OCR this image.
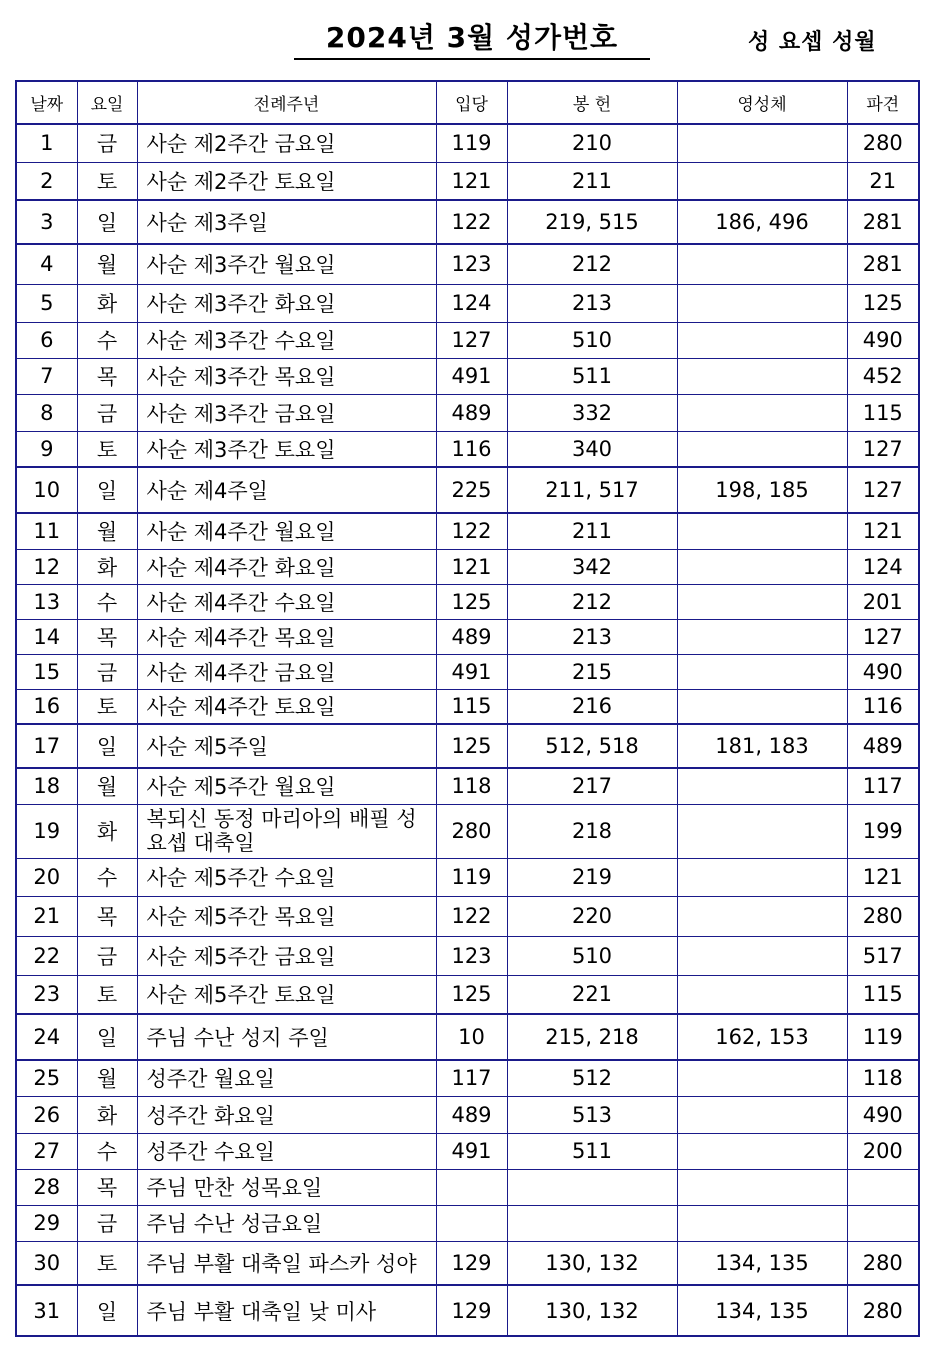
2024년 3월 성가번호	성 요셉 성월
날짜	요일	전례주년	입당	봉 헌	영성체	파견
1	금	사순 제2주간 금요일	119	210		280
2	토	사순 제2주간 토요일	121	211		21
3	일	사순 제3주일	122	219, 515	186, 496	281
4	월	사순 제3주간 월요일	123	212		281
5	화	사순 제3주간 화요일	124	213		125
6	수	사순 제3주간 수요일	127	510		490
7	목	사순 제3주간 목요일	491	511		452
8	금	사순 제3주간 금요일	489	332		115
9	토	사순 제3주간 토요일	116	340		127
10	일	사순 제4주일	225	211, 517	198, 185	127
11	월	사순 제4주간 월요일	122	211		121
12	화	사순 제4주간 화요일	121	342		124
13	수	사순 제4주간 수요일	125	212		201
14	목	사순 제4주간 목요일	489	213		127
15	금	사순 제4주간 금요일	491	215		490
16	토	사순 제4주간 토요일	115	216		116
17	일	사순 제5주일	125	512, 518	181, 183	489
18	월	사순 제5주간 월요일	118	217		117
19	화	복되신 동정 마리아의 배필 성 요셉 대축일	280	218		199
20	수	사순 제5주간 수요일	119	219		121
21	목	사순 제5주간 목요일	122	220		280
22	금	사순 제5주간 금요일	123	510		517
23	토	사순 제5주간 토요일	125	221		115
24	일	주님 수난 성지 주일	10	215, 218	162, 153	119
25	월	성주간 월요일	117	512		118
26	화	성주간 화요일	489	513		490
27	수	성주간 수요일	491	511		200
28	목	주님 만찬 성목요일				
29	금	주님 수난 성금요일				
30	토	주님 부활 대축일 파스카 성야	129	130, 132	134, 135	280
31	일	주님 부활 대축일 낮 미사	129	130, 132	134, 135	280
